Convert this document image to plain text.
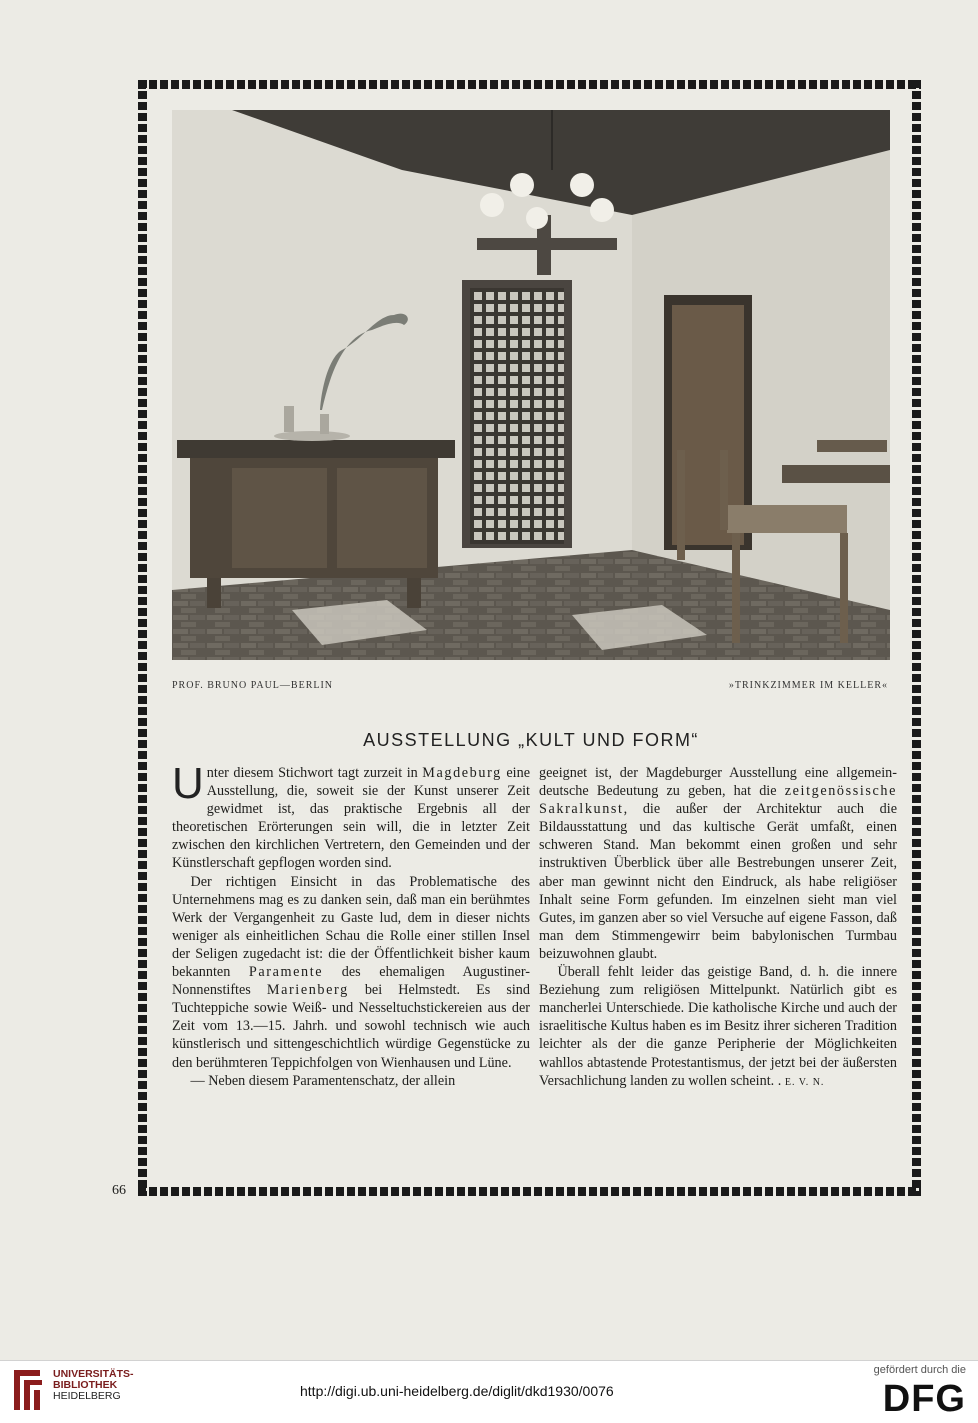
PROF. BRUNO PAUL—BERLIN	»TRINKZIMMER IM KELLER«
AUSSTELLUNG „KULT UND FORM“

Unter diesem Stichwort tagt zurzeit in Magdeburg eine Ausstellung, die, soweit sie der Kunst unserer Zeit gewidmet ist, das praktische Ergebnis all der theoretischen Erörterungen sein will, die in letzter Zeit zwischen den kirchlichen Vertretern, den Gemeinden und der Künstlerschaft gepflogen worden sind.

Der richtigen Einsicht in das Problematische des Unternehmens mag es zu danken sein, daß man ein berühmtes Werk der Vergangenheit zu Gaste lud, dem in dieser nichts weniger als einheitlichen Schau die Rolle einer stillen Insel der Seligen zugedacht ist: die der Öffentlichkeit bisher kaum bekannten Paramente des ehemaligen Augustiner-Nonnenstiftes Marienberg bei Helmstedt. Es sind Tuchteppiche sowie Weiß- und Nesseltuchstickereien aus der Zeit vom 13.—15. Jahrh. und sowohl technisch wie auch künstlerisch und sittengeschichtlich würdige Gegenstücke zu den berühmteren Teppichfolgen von Wienhausen und Lüne.

— Neben diesem Paramentenschatz, der allein

geeignet ist, der Magdeburger Ausstellung eine allgemein-deutsche Bedeutung zu geben, hat die zeitgenössische Sakralkunst, die außer der Architektur auch die Bildausstattung und das kultische Gerät umfaßt, einen schweren Stand. Man bekommt einen großen und sehr instruktiven Überblick über alle Bestrebungen unserer Zeit, aber man gewinnt nicht den Eindruck, als habe religiöser Inhalt seine Form gefunden. Im einzelnen sieht man viel Gutes, im ganzen aber so viel Versuche auf eigene Fasson, daß man dem Stimmengewirr beim babylonischen Turmbau beizuwohnen glaubt.

Überall fehlt leider das geistige Band, d. h. die innere Beziehung zum religiösen Mittelpunkt. Natürlich gibt es mancherlei Unterschiede. Die katholische Kirche und auch der israelitische Kultus haben es im Besitz ihrer sicheren Tradition leichter als der die ganze Peripherie der Möglichkeiten wahllos abtastende Protestantismus, der jetzt bei der äußersten Versachlichung landen zu wollen scheint. . E. V. N.

66
UNIVERSITÄTS-
BIBLIOTHEK
HEIDELBERG	http://digi.ub.uni-heidelberg.de/diglit/dkd1930/0076
gefördert durch die
DFG
